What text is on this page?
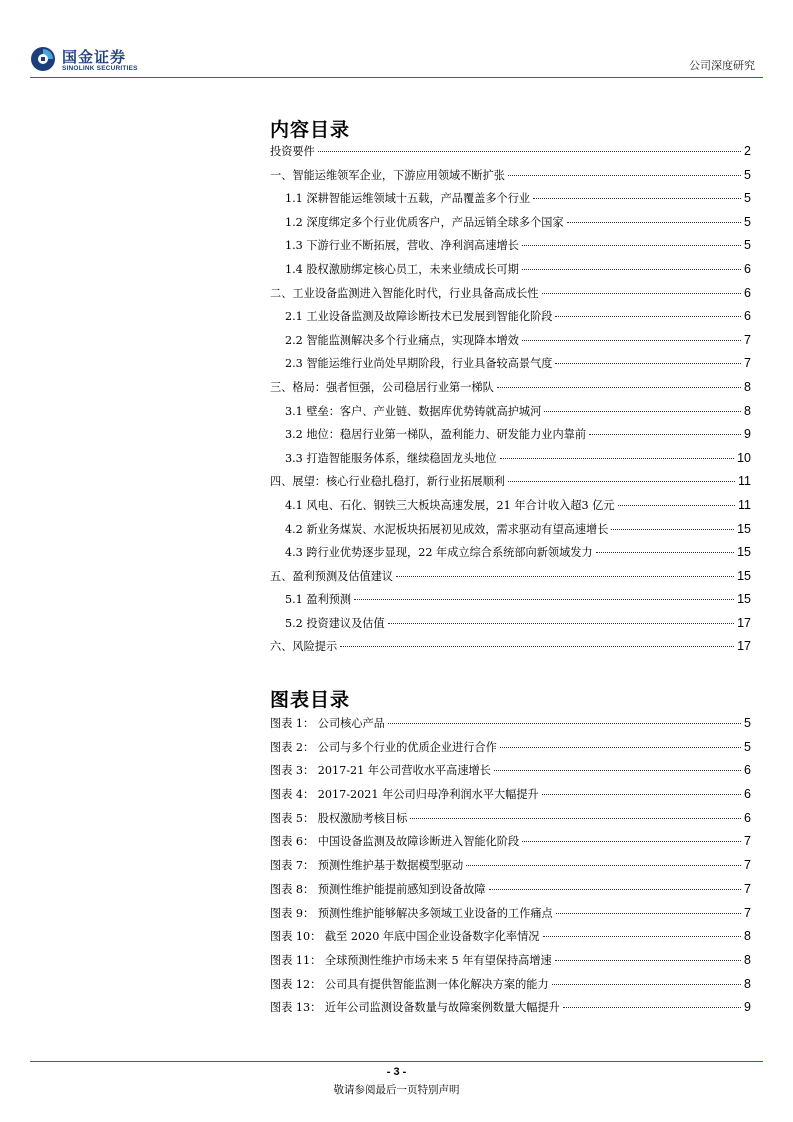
国金证券
SINOLINK SECURITIES	公司深度研究
内容目录
投资要件	2
一、智能运维领军企业，下游应用领域不断扩张	5
1.1 深耕智能运维领域十五载，产品覆盖多个行业	5
1.2 深度绑定多个行业优质客户，产品远销全球多个国家	5
1.3 下游行业不断拓展，营收、净利润高速增长	5
1.4 股权激励绑定核心员工，未来业绩成长可期	6
二、工业设备监测进入智能化时代，行业具备高成长性	6
2.1 工业设备监测及故障诊断技术已发展到智能化阶段	6
2.2 智能监测解决多个行业痛点，实现降本增效	7
2.3 智能运维行业尚处早期阶段，行业具备较高景气度	7
三、格局：强者恒强，公司稳居行业第一梯队	8
3.1 壁垒：客户、产业链、数据库优势铸就高护城河	8
3.2 地位：稳居行业第一梯队，盈利能力、研发能力业内靠前	9
3.3 打造智能服务体系，继续稳固龙头地位	10
四、展望：核心行业稳扎稳打，新行业拓展顺利	11
4.1 风电、石化、钢铁三大板块高速发展，21 年合计收入超3 亿元	11
4.2 新业务煤炭、水泥板块拓展初见成效，需求驱动有望高速增长	15
4.3 跨行业优势逐步显现，22 年成立综合系统部向新领域发力	15
五、盈利预测及估值建议	15
5.1 盈利预测	15
5.2 投资建议及估值	17
六、风险提示	17
图表目录
图表 1： 公司核心产品	5
图表 2： 公司与多个行业的优质企业进行合作	5
图表 3： 2017-21 年公司营收水平高速增长	6
图表 4： 2017-2021 年公司归母净利润水平大幅提升	6
图表 5： 股权激励考核目标	6
图表 6： 中国设备监测及故障诊断进入智能化阶段	7
图表 7： 预测性维护基于数据模型驱动	7
图表 8： 预测性维护能提前感知到设备故障	7
图表 9： 预测性维护能够解决多领域工业设备的工作痛点	7
图表 10： 截至 2020 年底中国企业设备数字化率情况	8
图表 11： 全球预测性维护市场未来 5 年有望保持高增速	8
图表 12： 公司具有提供智能监测一体化解决方案的能力	8
图表 13： 近年公司监测设备数量与故障案例数量大幅提升	9
- 3 -
敬请参阅最后一页特别声明
